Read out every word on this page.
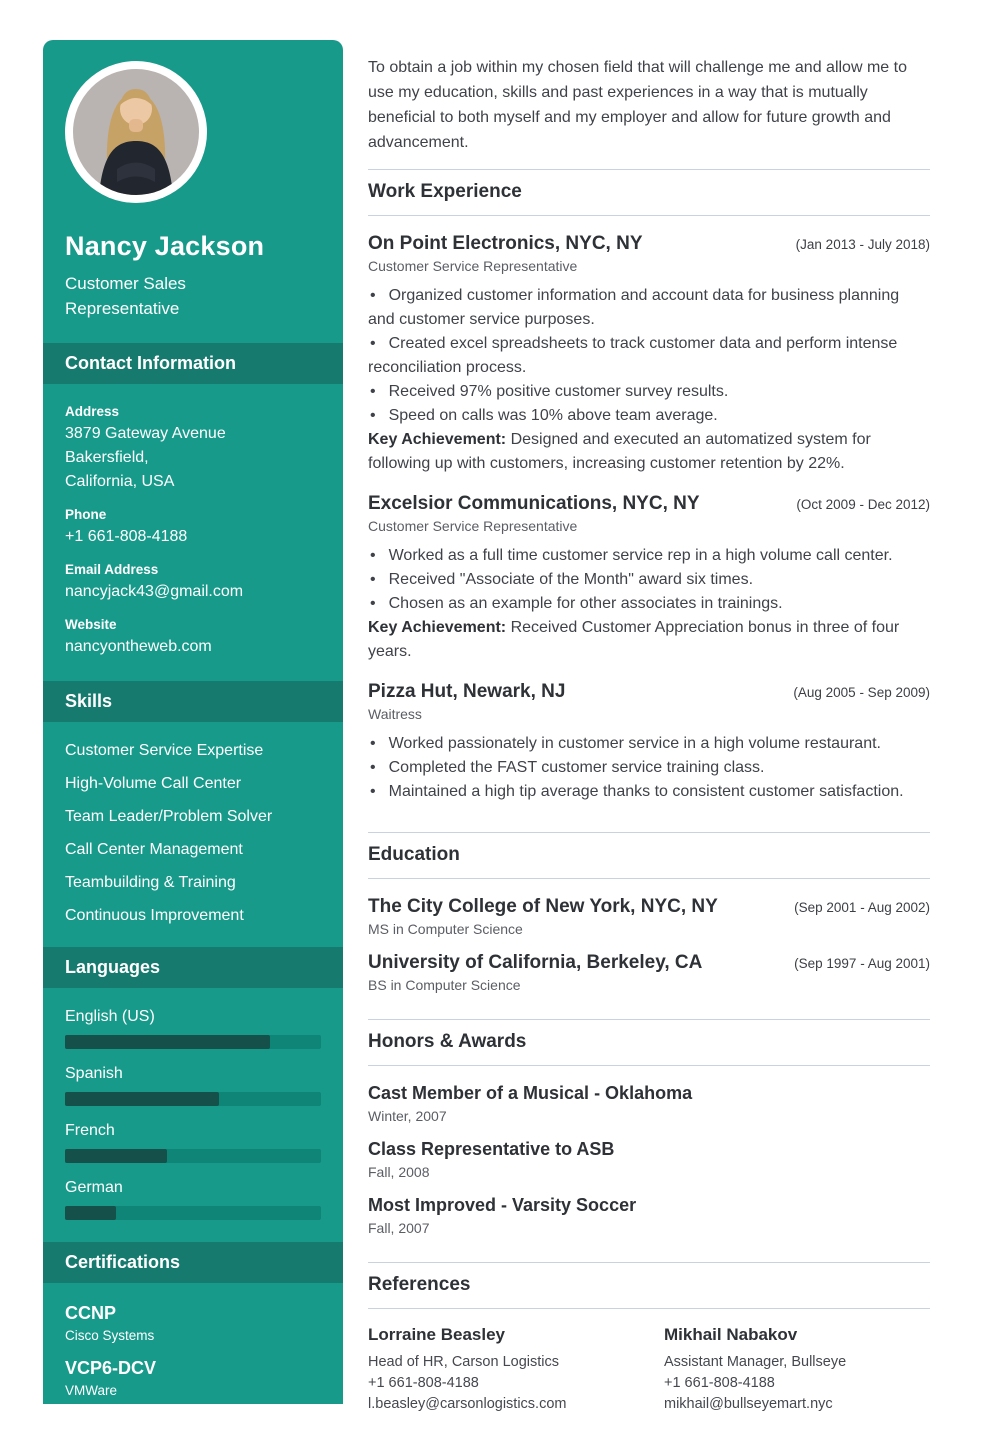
Nancy Jackson
Customer Sales Representative
Contact Information
Address
3879 Gateway Avenue
Bakersfield,
California, USA
Phone
+1 661-808-4188
Email Address
nancyjack43@gmail.com
Website
nancyontheweb.com
Skills
Customer Service Expertise
High-Volume Call Center
Team Leader/Problem Solver
Call Center Management
Teambuilding & Training
Continuous Improvement
Languages
English (US)
Spanish
French
German
Certifications
CCNP
Cisco Systems
VCP6-DCV
VMWare
DCUCI Exam

To obtain a job within my chosen field that will challenge me and allow me to use my education, skills and past experiences in a way that is mutually beneficial to both myself and my employer and allow for future growth and advancement.

Work Experience
On Point Electronics, NYC, NY	(Jan 2013 - July 2018)
Customer Service Representative

• Organized customer information and account data for business planning and customer service purposes.

• Created excel spreadsheets to track customer data and perform intense reconciliation process.

• Received 97% positive customer survey results.

• Speed on calls was 10% above team average.

Key Achievement: Designed and executed an automatized system for following up with customers, increasing customer retention by 22%.

Excelsior Communications, NYC, NY	(Oct 2009 - Dec 2012)
Customer Service Representative

• Worked as a full time customer service rep in a high volume call center.

• Received "Associate of the Month" award six times.

• Chosen as an example for other associates in trainings.

Key Achievement: Received Customer Appreciation bonus in three of four years.

Pizza Hut, Newark, NJ	(Aug 2005 - Sep 2009)
Waitress

• Worked passionately in customer service in a high volume restaurant.

• Completed the FAST customer service training class.

• Maintained a high tip average thanks to consistent customer satisfaction.

Education
The City College of New York, NYC, NY	(Sep 2001 - Aug 2002)
MS in Computer Science
University of California, Berkeley, CA	(Sep 1997 - Aug 2001)
BS in Computer Science
Honors & Awards
Cast Member of a Musical - Oklahoma
Winter, 2007
Class Representative to ASB
Fall, 2008
Most Improved - Varsity Soccer
Fall, 2007
References
Lorraine Beasley
Head of HR, Carson Logistics
+1 661-808-4188
l.beasley@carsonlogistics.com
Mikhail Nabakov
Assistant Manager, Bullseye
+1 661-808-4188
mikhail@bullseyemart.nyc
